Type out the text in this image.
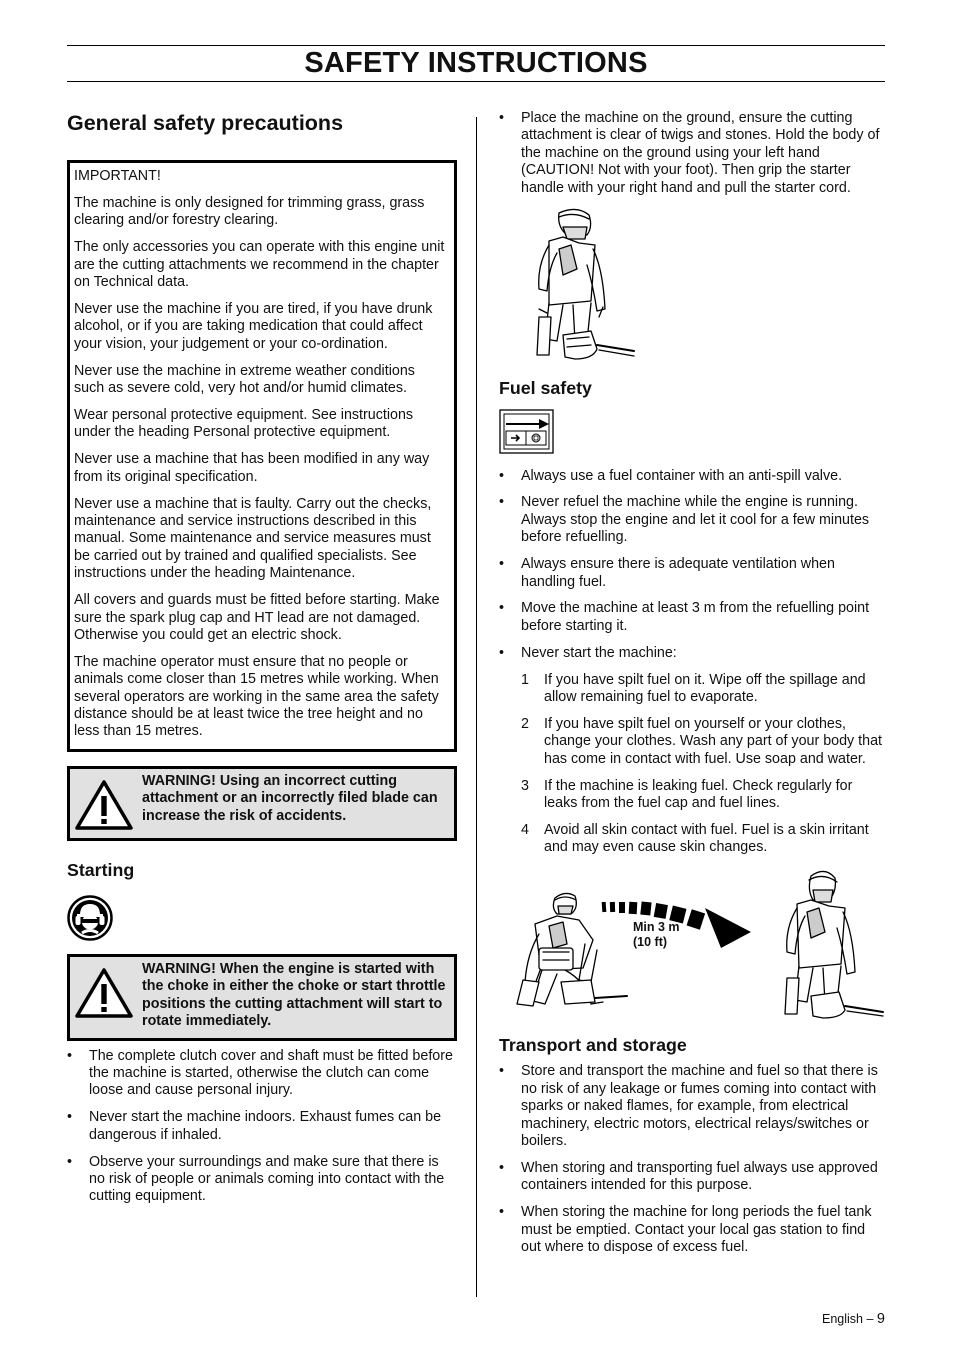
SAFETY INSTRUCTIONS
General safety precautions

IMPORTANT!

The machine is only designed for trimming grass, grass clearing and/or forestry clearing.

The only accessories you can operate with this engine unit are the cutting attachments we recommend in the chapter on Technical data.

Never use the machine if you are tired, if you have drunk alcohol, or if you are taking medication that could affect your vision, your judgement or your co-ordination.

Never use the machine in extreme weather conditions such as severe cold, very hot and/or humid climates.

Wear personal protective equipment. See instructions under the heading Personal protective equipment.

Never use a machine that has been modified in any way from its original specification.

Never use a machine that is faulty. Carry out the checks, maintenance and service instructions described in this manual. Some maintenance and service measures must be carried out by trained and qualified specialists. See instructions under the heading Maintenance.

All covers and guards must be fitted before starting. Make sure the spark plug cap and HT lead are not damaged. Otherwise you could get an electric shock.

The machine operator must ensure that no people or animals come closer than 15 metres while working. When several operators are working in the same area the safety distance should be at least twice the tree height and no less than 15 metres.

WARNING! Using an incorrect cutting attachment or an incorrectly filed blade can increase the risk of accidents.
Starting
WARNING! When the engine is started with the choke in either the choke or start throttle positions the cutting attachment will start to rotate immediately.
• The complete clutch cover and shaft must be fitted before the machine is started, otherwise the clutch can come loose and cause personal injury.
• Never start the machine indoors. Exhaust fumes can be dangerous if inhaled.
• Observe your surroundings and make sure that there is no risk of people or animals coming into contact with the cutting equipment.
• Place the machine on the ground, ensure the cutting attachment is clear of twigs and stones. Hold the body of the machine on the ground using your left hand (CAUTION! Not with your foot). Then grip the starter handle with your right hand and pull the starter cord.
Fuel safety
• Always use a fuel container with an anti-spill valve.
• Never refuel the machine while the engine is running. Always stop the engine and let it cool for a few minutes before refuelling.
• Always ensure there is adequate ventilation when handling fuel.
• Move the machine at least 3 m from the refuelling point before starting it.
• Never start the machine:
1 If you have spilt fuel on it. Wipe off the spillage and allow remaining fuel to evaporate.
2 If you have spilt fuel on yourself or your clothes, change your clothes. Wash any part of your body that has come in contact with fuel. Use soap and water.
3 If the machine is leaking fuel. Check regularly for leaks from the fuel cap and fuel lines.
4 Avoid all skin contact with fuel. Fuel is a skin irritant and may even cause skin changes.
Min 3 m
(10 ft)
Transport and storage
• Store and transport the machine and fuel so that there is no risk of any leakage or fumes coming into contact with sparks or naked flames, for example, from electrical machinery, electric motors, electrical relays/switches or boilers.
• When storing and transporting fuel always use approved containers intended for this purpose.
• When storing the machine for long periods the fuel tank must be emptied. Contact your local gas station to find out where to dispose of excess fuel.
English – 9
